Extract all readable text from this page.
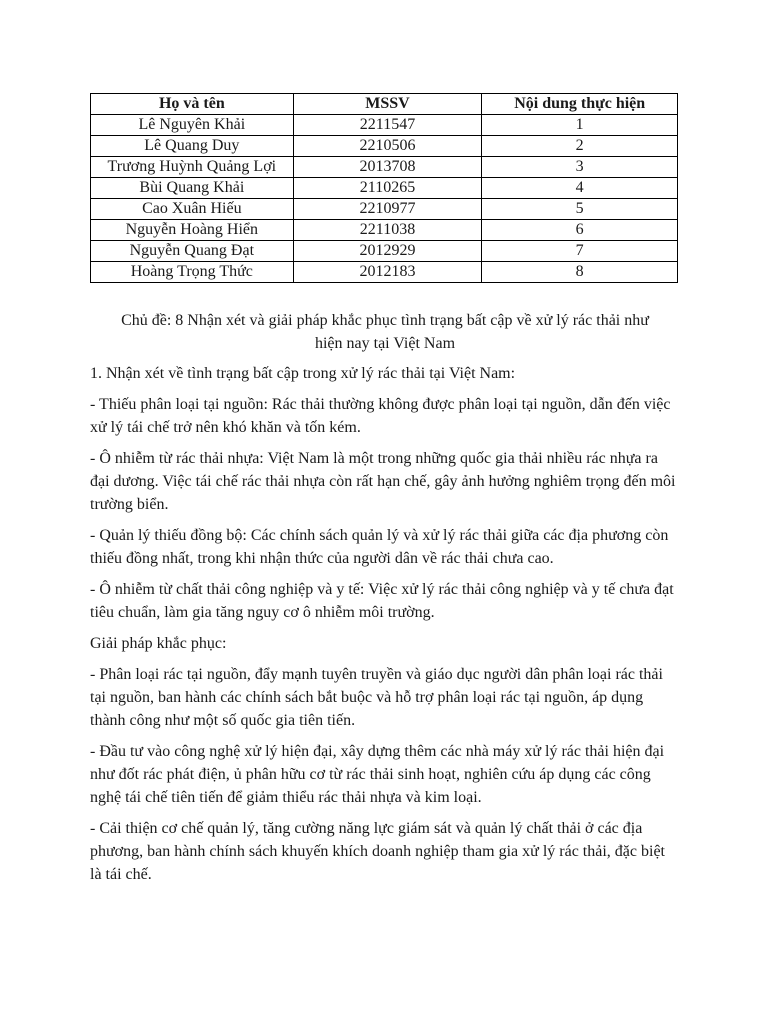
Họ và tên	MSSV	Nội dung thực hiện
Lê Nguyên Khải	2211547	1
Lê Quang Duy	2210506	2
Trương Huỳnh Quảng Lợi	2013708	3
Bùi Quang Khải	2110265	4
Cao Xuân Hiếu	2210977	5
Nguyễn Hoàng Hiển	2211038	6
Nguyễn Quang Đạt	2012929	7
Hoàng Trọng Thức	2012183	8
Chủ đề: 8 Nhận xét và giải pháp khắc phục tình trạng bất cập về xử lý rác thải như
hiện nay tại Việt Nam

1. Nhận xét về tình trạng bất cập trong xử lý rác thải tại Việt Nam:

- Thiếu phân loại tại nguồn: Rác thải thường không được phân loại tại nguồn, dẫn đến việc xử lý tái chế trở nên khó khăn và tốn kém.

- Ô nhiễm từ rác thải nhựa: Việt Nam là một trong những quốc gia thải nhiều rác nhựa ra đại dương. Việc tái chế rác thải nhựa còn rất hạn chế, gây ảnh hưởng nghiêm trọng đến môi trường biển.

- Quản lý thiếu đồng bộ: Các chính sách quản lý và xử lý rác thải giữa các địa phương còn thiếu đồng nhất, trong khi nhận thức của người dân về rác thải chưa cao.

- Ô nhiễm từ chất thải công nghiệp và y tế: Việc xử lý rác thải công nghiệp và y tế chưa đạt tiêu chuẩn, làm gia tăng nguy cơ ô nhiễm môi trường.

Giải pháp khắc phục:

- Phân loại rác tại nguồn, đẩy mạnh tuyên truyền và giáo dục người dân phân loại rác thải tại nguồn, ban hành các chính sách bắt buộc và hỗ trợ phân loại rác tại nguồn, áp dụng thành công như một số quốc gia tiên tiến.

- Đầu tư vào công nghệ xử lý hiện đại, xây dựng thêm các nhà máy xử lý rác thải hiện đại như đốt rác phát điện, ủ phân hữu cơ từ rác thải sinh hoạt, nghiên cứu áp dụng các công nghệ tái chế tiên tiến để giảm thiểu rác thải nhựa và kim loại.

- Cải thiện cơ chế quản lý, tăng cường năng lực giám sát và quản lý chất thải ở các địa phương, ban hành chính sách khuyến khích doanh nghiệp tham gia xử lý rác thải, đặc biệt là tái chế.
